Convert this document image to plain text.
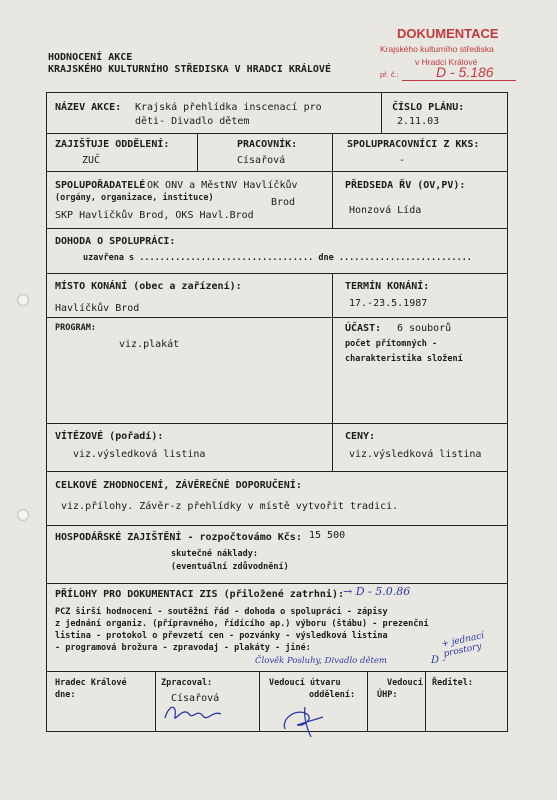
HODNOCENÍ AKCE
KRAJSKÉHO KULTURNÍHO STŘEDISKA V HRADCI KRÁLOVÉ
DOKUMENTACE
Krajského kulturního střediska
v Hradci Králové
př. č.:	D - 5.186
NÁZEV AKCE: Krajská přehlídka inscenací pro
děti- Divadlo dětem
ČÍSLO PLÁNU:
2.11.03
ZAJIŠŤUJE ODDĚLENÍ:
ZUČ
PRACOVNÍK:
Císařová
SPOLUPRACOVNÍCI Z KKS:
-
SPOLUPOŘADATELÉ OK ONV a MěstNV Havlíčkův
(orgány, organizace, instituce)	Brod
SKP Havlíčkův Brod, OKS Havl.Brod
PŘEDSEDA ŘV (OV,PV):
Honzová Lída
DOHODA O SPOLUPRÁCI:
uzavřena s .................................. dne ..........................
MÍSTO KONÁNÍ (obec a zařízení):
Havlíčkův Brod
TERMÍN KONÁNÍ:
17.-23.5.1987
PROGRAM:
viz.plakát
ÚČAST: 6 souborů
počet přítomných -
charakteristika složení
VÍTĚZOVÉ (pořadí):
viz.výsledková listina
CENY:
viz.výsledková listina
CELKOVÉ ZHODNOCENÍ, ZÁVĚREČNÉ DOPORUČENÍ:
viz.přílohy. Závěr-z přehlídky v místě vytvořit tradici.
HOSPODÁŘSKÉ ZAJIŠTĚNÍ - rozpočtovámo Kčs: 15 500
skutečné náklady:
(eventuální zdůvodnění)
PŘÍLOHY PRO DOKUMENTACI ZIS (přiložené zatrhni): → D - 5.0.86
PCZ širší hodnocení - soutěžní řád - dohoda o spolupráci - zápisy
z jednání organiz. (přípravného, řídícího ap.) výboru (štábu) - prezenční
listina - protokol o převzetí cen - pozvánky - výsledková listina
- programová brožura - zpravodaj - plakáty - jiné:	+ jednací prostory
Člověk Posluhy, Divadlo dětem	D -
Hradec Králové
dne:
Zpracoval:
Císařová
Vedoucí útvaru
oddělení:
Vedoucí
ÚHP:
Ředitel:
